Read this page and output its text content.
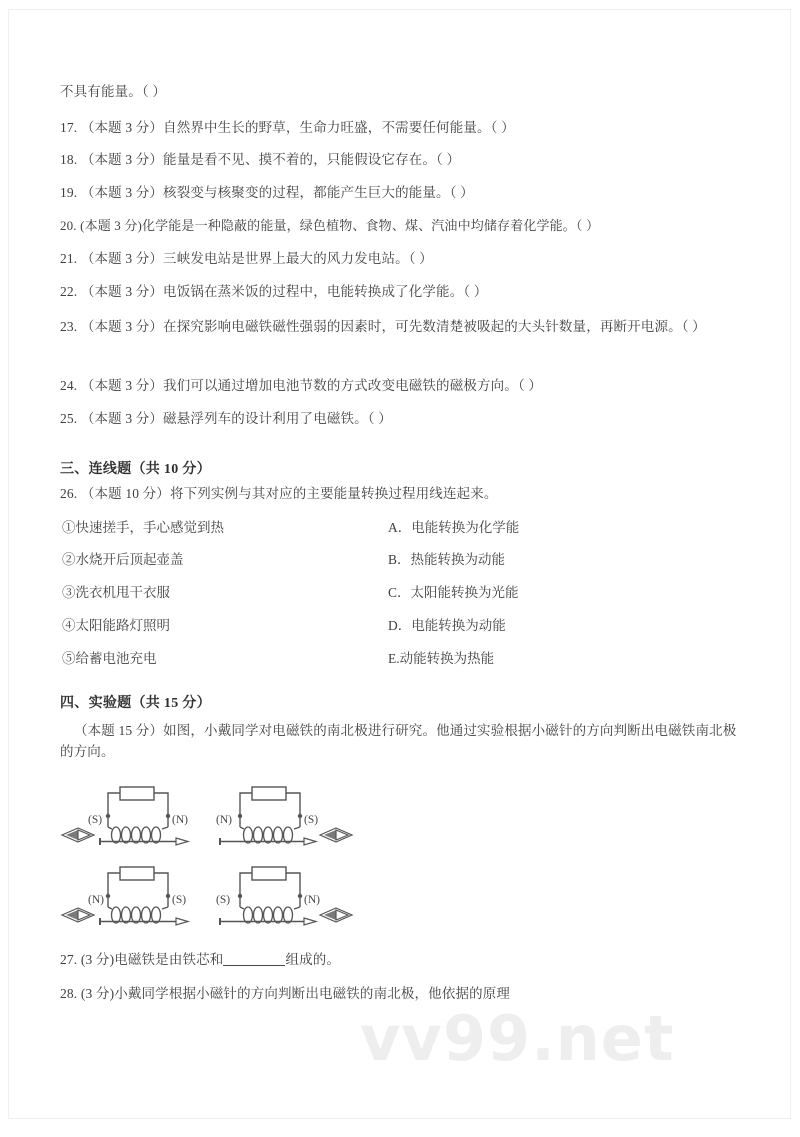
不具有能量。（ ）
17. （本题 3 分）自然界中生长的野草，生命力旺盛，不需要任何能量。（ ）
18. （本题 3 分）能量是看不见、摸不着的，只能假设它存在。（ ）
19. （本题 3 分）核裂变与核聚变的过程，都能产生巨大的能量。（ ）
20. (本题 3 分)化学能是一种隐蔽的能量，绿色植物、食物、煤、汽油中均储存着化学能。（ ）
21. （本题 3 分）三峡发电站是世界上最大的风力发电站。（ ）
22. （本题 3 分）电饭锅在蒸米饭的过程中，电能转换成了化学能。（ ）
23. （本题 3 分）在探究影响电磁铁磁性强弱的因素时，可先数清楚被吸起的大头针数量，再断开电源。（ ）
24. （本题 3 分）我们可以通过增加电池节数的方式改变电磁铁的磁极方向。（ ）
25. （本题 3 分）磁悬浮列车的设计利用了电磁铁。（ ）
三、连线题（共 10 分）
26. （本题 10 分）将下列实例与其对应的主要能量转换过程用线连起来。
①快速搓手，手心感觉到热
②水烧开后顶起壶盖
③洗衣机甩干衣服
④太阳能路灯照明
⑤给蓄电池充电
A．电能转换为化学能
B．热能转换为动能
C．太阳能转换为光能
D．电能转换为动能
E.动能转换为热能
四、实验题（共 15 分）
（本题 15 分）如图，小戴同学对电磁铁的南北极进行研究。他通过实验根据小磁针的方向判断出电磁铁南北极的方向。
(S)	(N) (N)	(S)
(N)	(S)	(S)	(N)
27. (3 分)电磁铁是由铁芯和	组成的。
28. (3 分)小戴同学根据小磁针的方向判断出电磁铁的南北极，他依据的原理
vv99.net
